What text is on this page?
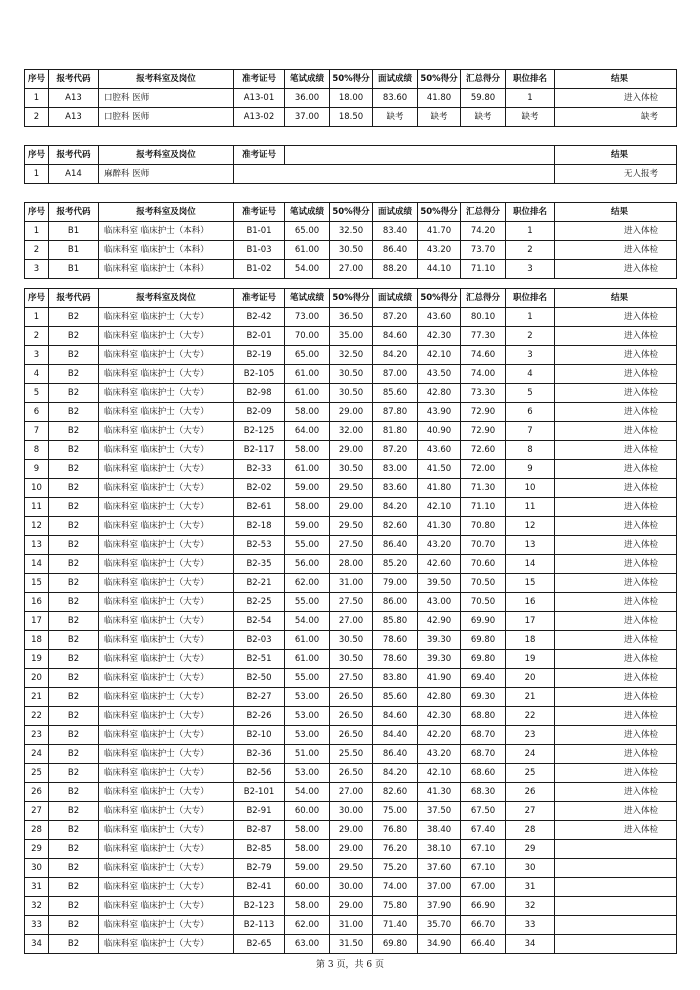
序号	报考代码	报考科室及岗位	准考证号	笔试成绩	50%得分	面试成绩	50%得分	汇总得分	职位排名	结果
1	A13	口腔科 医师	A13-01	36.00	18.00	83.60	41.80	59.80	1	进入体检
2	A13	口腔科 医师	A13-02	37.00	18.50	缺考	缺考	缺考	缺考	缺考
序号	报考代码	报考科室及岗位	准考证号		结果
1	A14	麻醉科 医师			无人报考
序号	报考代码	报考科室及岗位	准考证号	笔试成绩	50%得分	面试成绩	50%得分	汇总得分	职位排名	结果
1	B1	临床科室 临床护士（本科）	B1-01	65.00	32.50	83.40	41.70	74.20	1	进入体检
2	B1	临床科室 临床护士（本科）	B1-03	61.00	30.50	86.40	43.20	73.70	2	进入体检
3	B1	临床科室 临床护士（本科）	B1-02	54.00	27.00	88.20	44.10	71.10	3	进入体检
序号	报考代码	报考科室及岗位	准考证号	笔试成绩	50%得分	面试成绩	50%得分	汇总得分	职位排名	结果
1	B2	临床科室 临床护士（大专）	B2-42	73.00	36.50	87.20	43.60	80.10	1	进入体检
2	B2	临床科室 临床护士（大专）	B2-01	70.00	35.00	84.60	42.30	77.30	2	进入体检
3	B2	临床科室 临床护士（大专）	B2-19	65.00	32.50	84.20	42.10	74.60	3	进入体检
4	B2	临床科室 临床护士（大专）	B2-105	61.00	30.50	87.00	43.50	74.00	4	进入体检
5	B2	临床科室 临床护士（大专）	B2-98	61.00	30.50	85.60	42.80	73.30	5	进入体检
6	B2	临床科室 临床护士（大专）	B2-09	58.00	29.00	87.80	43.90	72.90	6	进入体检
7	B2	临床科室 临床护士（大专）	B2-125	64.00	32.00	81.80	40.90	72.90	7	进入体检
8	B2	临床科室 临床护士（大专）	B2-117	58.00	29.00	87.20	43.60	72.60	8	进入体检
9	B2	临床科室 临床护士（大专）	B2-33	61.00	30.50	83.00	41.50	72.00	9	进入体检
10	B2	临床科室 临床护士（大专）	B2-02	59.00	29.50	83.60	41.80	71.30	10	进入体检
11	B2	临床科室 临床护士（大专）	B2-61	58.00	29.00	84.20	42.10	71.10	11	进入体检
12	B2	临床科室 临床护士（大专）	B2-18	59.00	29.50	82.60	41.30	70.80	12	进入体检
13	B2	临床科室 临床护士（大专）	B2-53	55.00	27.50	86.40	43.20	70.70	13	进入体检
14	B2	临床科室 临床护士（大专）	B2-35	56.00	28.00	85.20	42.60	70.60	14	进入体检
15	B2	临床科室 临床护士（大专）	B2-21	62.00	31.00	79.00	39.50	70.50	15	进入体检
16	B2	临床科室 临床护士（大专）	B2-25	55.00	27.50	86.00	43.00	70.50	16	进入体检
17	B2	临床科室 临床护士（大专）	B2-54	54.00	27.00	85.80	42.90	69.90	17	进入体检
18	B2	临床科室 临床护士（大专）	B2-03	61.00	30.50	78.60	39.30	69.80	18	进入体检
19	B2	临床科室 临床护士（大专）	B2-51	61.00	30.50	78.60	39.30	69.80	19	进入体检
20	B2	临床科室 临床护士（大专）	B2-50	55.00	27.50	83.80	41.90	69.40	20	进入体检
21	B2	临床科室 临床护士（大专）	B2-27	53.00	26.50	85.60	42.80	69.30	21	进入体检
22	B2	临床科室 临床护士（大专）	B2-26	53.00	26.50	84.60	42.30	68.80	22	进入体检
23	B2	临床科室 临床护士（大专）	B2-10	53.00	26.50	84.40	42.20	68.70	23	进入体检
24	B2	临床科室 临床护士（大专）	B2-36	51.00	25.50	86.40	43.20	68.70	24	进入体检
25	B2	临床科室 临床护士（大专）	B2-56	53.00	26.50	84.20	42.10	68.60	25	进入体检
26	B2	临床科室 临床护士（大专）	B2-101	54.00	27.00	82.60	41.30	68.30	26	进入体检
27	B2	临床科室 临床护士（大专）	B2-91	60.00	30.00	75.00	37.50	67.50	27	进入体检
28	B2	临床科室 临床护士（大专）	B2-87	58.00	29.00	76.80	38.40	67.40	28	进入体检
29	B2	临床科室 临床护士（大专）	B2-85	58.00	29.00	76.20	38.10	67.10	29	
30	B2	临床科室 临床护士（大专）	B2-79	59.00	29.50	75.20	37.60	67.10	30	
31	B2	临床科室 临床护士（大专）	B2-41	60.00	30.00	74.00	37.00	67.00	31	
32	B2	临床科室 临床护士（大专）	B2-123	58.00	29.00	75.80	37.90	66.90	32	
33	B2	临床科室 临床护士（大专）	B2-113	62.00	31.00	71.40	35.70	66.70	33	
34	B2	临床科室 临床护士（大专）	B2-65	63.00	31.50	69.80	34.90	66.40	34	
第 3 页，共 6 页
